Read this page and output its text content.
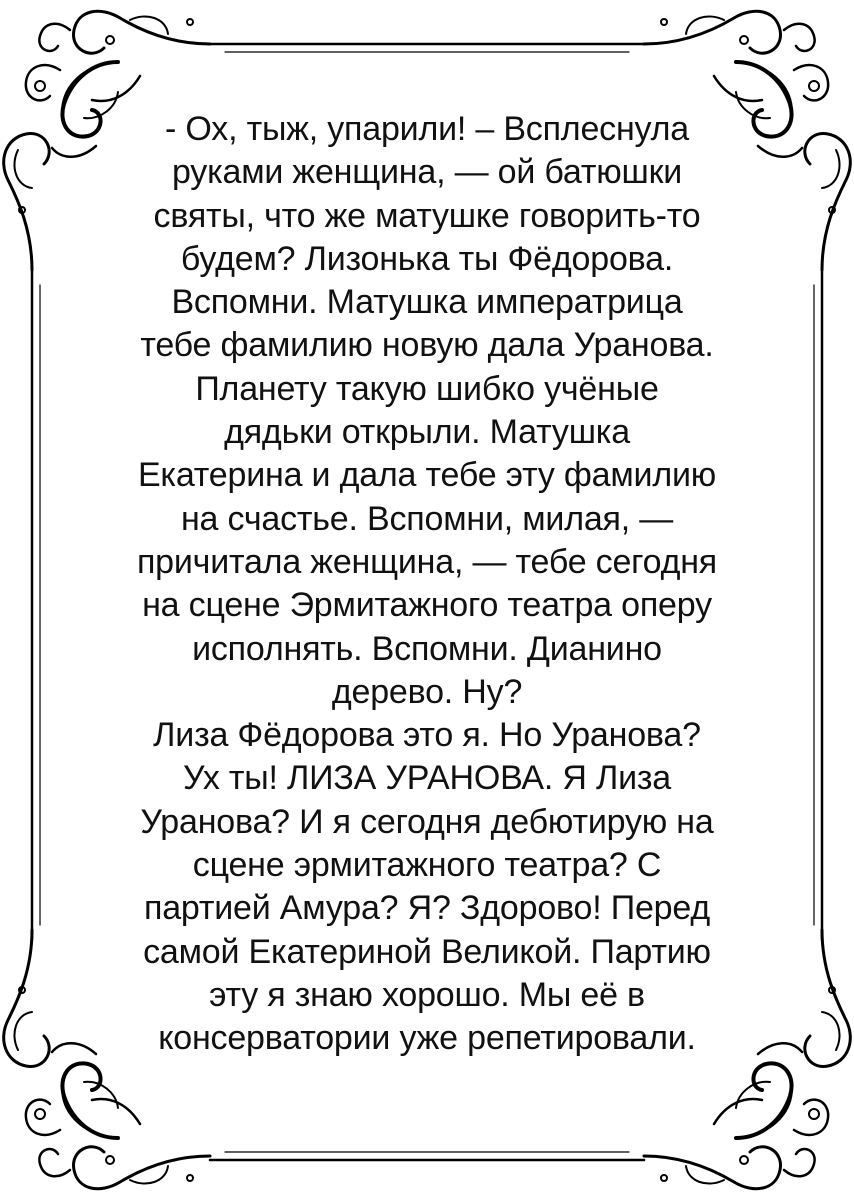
- Ох, тыж, упарили! – Всплеснула
руками женщина, — ой батюшки
святы, что же матушке говорить-то
будем? Лизонька ты Фёдорова.
Вспомни. Матушка императрица
тебе фамилию новую дала Уранова.
Планету такую шибко учёные
дядьки открыли. Матушка
Екатерина и дала тебе эту фамилию
на счастье. Вспомни, милая, —
причитала женщина, — тебе сегодня
на сцене Эрмитажного театра оперу
исполнять. Вспомни. Дианино
дерево. Ну?
Лиза Фёдорова это я. Но Уранова?
Ух ты! ЛИЗА УРАНОВА. Я Лиза
Уранова? И я сегодня дебютирую на
сцене эрмитажного театра? С
партией Амура? Я? Здорово! Перед
самой Екатериной Великой. Партию
эту я знаю хорошо. Мы её в
консерватории уже репетировали.
